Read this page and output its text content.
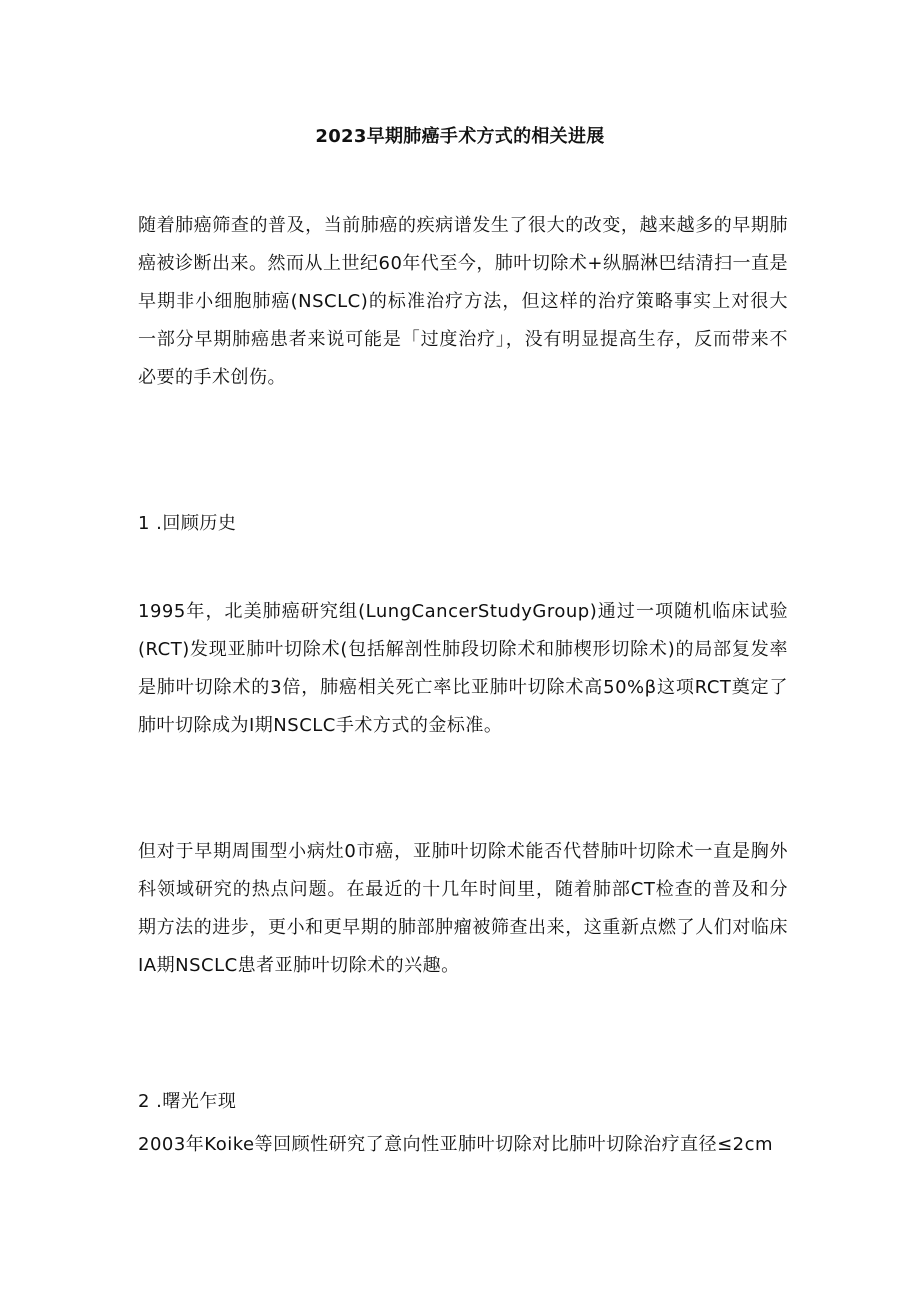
2023早期肺癌手术方式的相关进展
随着肺癌筛查的普及，当前肺癌的疾病谱发生了很大的改变，越来越多的早期肺癌被诊断出来。然而从上世纪60年代至今，肺叶切除术+纵膈淋巴结清扫一直是早期非小细胞肺癌(NSCLC)的标准治疗方法，但这样的治疗策略事实上对很大一部分早期肺癌患者来说可能是「过度治疗」，没有明显提高生存，反而带来不必要的手术创伤。
1 .回顾历史
1995年，北美肺癌研究组(LungCancerStudyGroup)通过一项随机临床试验(RCT)发现亚肺叶切除术(包括解剖性肺段切除术和肺楔形切除术)的局部复发率是肺叶切除术的3倍，肺癌相关死亡率比亚肺叶切除术高50%β这项RCT奠定了肺叶切除成为I期NSCLC手术方式的金标准。
但对于早期周围型小病灶0市癌，亚肺叶切除术能否代替肺叶切除术一直是胸外科领域研究的热点问题。在最近的十几年时间里，随着肺部CT检查的普及和分期方法的进步，更小和更早期的肺部肿瘤被筛查出来，这重新点燃了人们对临床IA期NSCLC患者亚肺叶切除术的兴趣。
2 .曙光乍现
2003年Koike等回顾性研究了意向性亚肺叶切除对比肺叶切除治疗直径≤2cm
